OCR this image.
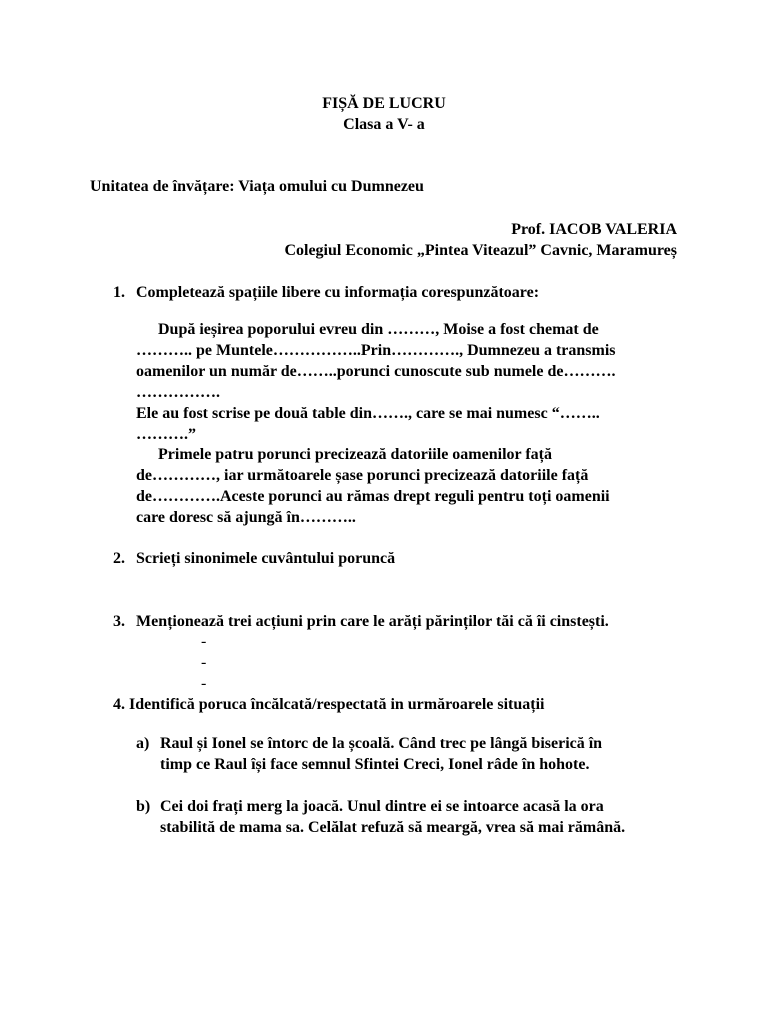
FIȘĂ DE LUCRU
Clasa a V- a
Unitatea de învățare: Viața omului cu Dumnezeu
Prof. IACOB VALERIA
Colegiul Economic „Pintea Viteazul” Cavnic, Maramureș
1. Completează spațiile libere cu informația corespunzătoare:
După ieșirea poporului evreu din ………, Moise a fost chemat de
……….. pe Muntele……………..Prin…………., Dumnezeu a transmis
oamenilor un număr de……..porunci cunoscute sub numele de……….
…………….
Ele au fost scrise pe două table din……., care se mai numesc “……..
……….”
Primele patru porunci precizează datoriile oamenilor față
de…………, iar următoarele șase porunci precizează datoriile față
de………….Aceste porunci au rămas drept reguli pentru toți oamenii
care doresc să ajungă în………..
2. Scrieți sinonimele cuvântului poruncă
3. Menționează trei acțiuni prin care le arăți părinților tăi că îi cinstești.
-
-
-
4. Identifică poruca încălcată/respectată in urmăroarele situații
a) Raul și Ionel se întorc de la școală. Când trec pe lângă biserică în
timp ce Raul își face semnul Sfintei Creci, Ionel râde în hohote.
b) Cei doi frați merg la joacă. Unul dintre ei se intoarce acasă la ora
stabilită de mama sa. Celălat refuză să meargă, vrea să mai rămână.
